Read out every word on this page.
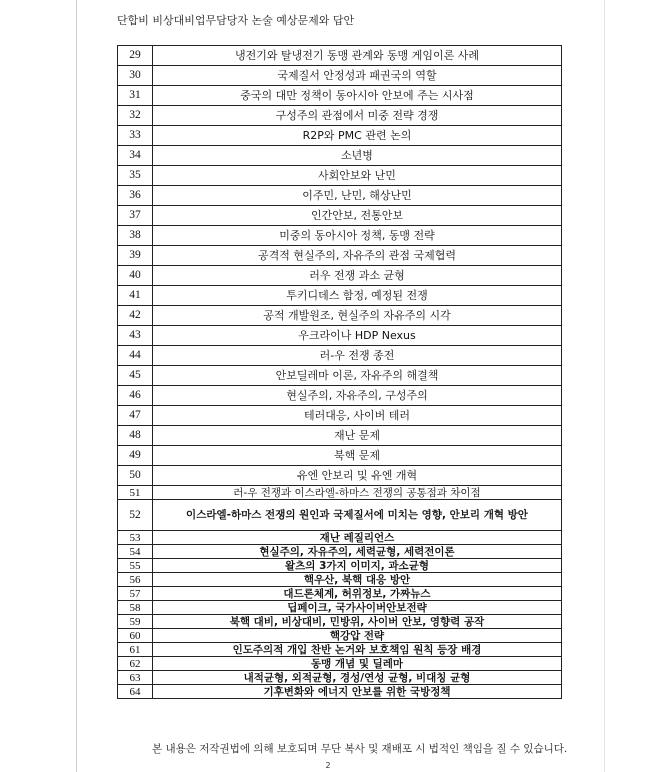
단합비 비상대비업무담당자 논술 예상문제와 답안
29	냉전기와 탈냉전기 동맹 관계와 동맹 게임이론 사례
30	국제질서 안정성과 패권국의 역할
31	중국의 대만 정책이 동아시아 안보에 주는 시사점
32	구성주의 관점에서 미중 전략 경쟁
33	R2P와 PMC 관련 논의
34	소년병
35	사회안보와 난민
36	이주민, 난민, 해상난민
37	인간안보, 전통안보
38	미중의 동아시아 정책, 동맹 전략
39	공격적 현실주의, 자유주의 관점 국제협력
40	러우 전쟁 과소 균형
41	투키디데스 함정, 예정된 전쟁
42	공적 개발원조, 현실주의 자유주의 시각
43	우크라이나 HDP Nexus
44	러-우 전쟁 종전
45	안보딜레마 이론, 자유주의 해결책
46	현실주의, 자유주의, 구성주의
47	테러대응, 사이버 테러
48	재난 문제
49	북핵 문제
50	유엔 안보리 및 유엔 개혁
51	러-우 전쟁과 이스라엘-하마스 전쟁의 공통점과 차이점
52	이스라엘-하마스 전쟁의 원인과 국제질서에 미치는 영향, 안보리 개혁 방안
53	재난 레질리언스
54	현실주의, 자유주의, 세력균형, 세력전이론
55	왈츠의 3가지 이미지, 과소균형
56	핵우산, 북핵 대응 방안
57	대드론체계, 허위정보, 가짜뉴스
58	딥페이크, 국가사이버안보전략
59	북핵 대비, 비상대비, 민방위, 사이버 안보, 영향력 공작
60	핵강압 전략
61	인도주의적 개입 찬반 논거와 보호책임 원칙 등장 배경
62	동맹 개념 및 딜레마
63	내적균형, 외적균형, 경성/연성 균형, 비대칭 균형
64	기후변화와 에너지 안보를 위한 국방정책
본 내용은 저작권법에 의해 보호되며 무단 복사 및 재배포 시 법적인 책임을 질 수 있습니다.
2
